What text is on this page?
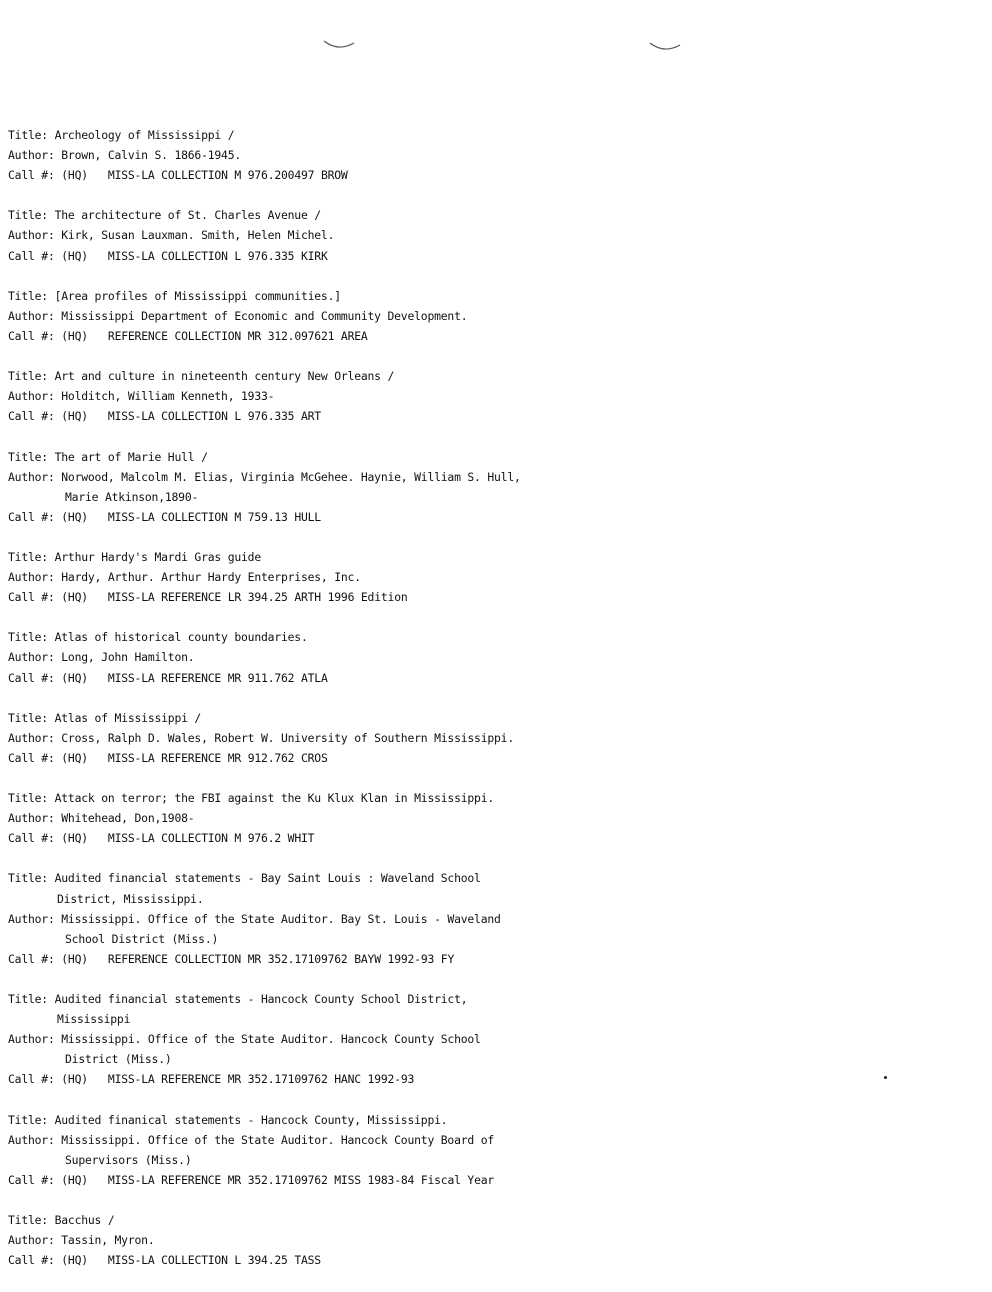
Title: Archeology of Mississippi /
Author: Brown, Calvin S. 1866-1945.
Call #: (HQ) MISS-LA COLLECTION M 976.200497 BROW
Title: The architecture of St. Charles Avenue /
Author: Kirk, Susan Lauxman. Smith, Helen Michel.
Call #: (HQ) MISS-LA COLLECTION L 976.335 KIRK
Title: [Area profiles of Mississippi communities.]
Author: Mississippi Department of Economic and Community Development.
Call #: (HQ) REFERENCE COLLECTION MR 312.097621 AREA
Title: Art and culture in nineteenth century New Orleans /
Author: Holditch, William Kenneth, 1933-
Call #: (HQ) MISS-LA COLLECTION L 976.335 ART
Title: The art of Marie Hull /
Author: Norwood, Malcolm M. Elias, Virginia McGehee. Haynie, William S. Hull,
Marie Atkinson,1890-
Call #: (HQ) MISS-LA COLLECTION M 759.13 HULL
Title: Arthur Hardy's Mardi Gras guide
Author: Hardy, Arthur. Arthur Hardy Enterprises, Inc.
Call #: (HQ) MISS-LA REFERENCE LR 394.25 ARTH 1996 Edition
Title: Atlas of historical county boundaries.
Author: Long, John Hamilton.
Call #: (HQ) MISS-LA REFERENCE MR 911.762 ATLA
Title: Atlas of Mississippi /
Author: Cross, Ralph D. Wales, Robert W. University of Southern Mississippi.
Call #: (HQ) MISS-LA REFERENCE MR 912.762 CROS
Title: Attack on terror; the FBI against the Ku Klux Klan in Mississippi.
Author: Whitehead, Don,1908-
Call #: (HQ) MISS-LA COLLECTION M 976.2 WHIT
Title: Audited financial statements - Bay Saint Louis : Waveland School
District, Mississippi.
Author: Mississippi. Office of the State Auditor. Bay St. Louis - Waveland
School District (Miss.)
Call #: (HQ) REFERENCE COLLECTION MR 352.17109762 BAYW 1992-93 FY
Title: Audited financial statements - Hancock County School District,
Mississippi
Author: Mississippi. Office of the State Auditor. Hancock County School
District (Miss.)
Call #: (HQ) MISS-LA REFERENCE MR 352.17109762 HANC 1992-93
Title: Audited finanical statements - Hancock County, Mississippi.
Author: Mississippi. Office of the State Auditor. Hancock County Board of
Supervisors (Miss.)
Call #: (HQ) MISS-LA REFERENCE MR 352.17109762 MISS 1983-84 Fiscal Year
Title: Bacchus /
Author: Tassin, Myron.
Call #: (HQ) MISS-LA COLLECTION L 394.25 TASS
